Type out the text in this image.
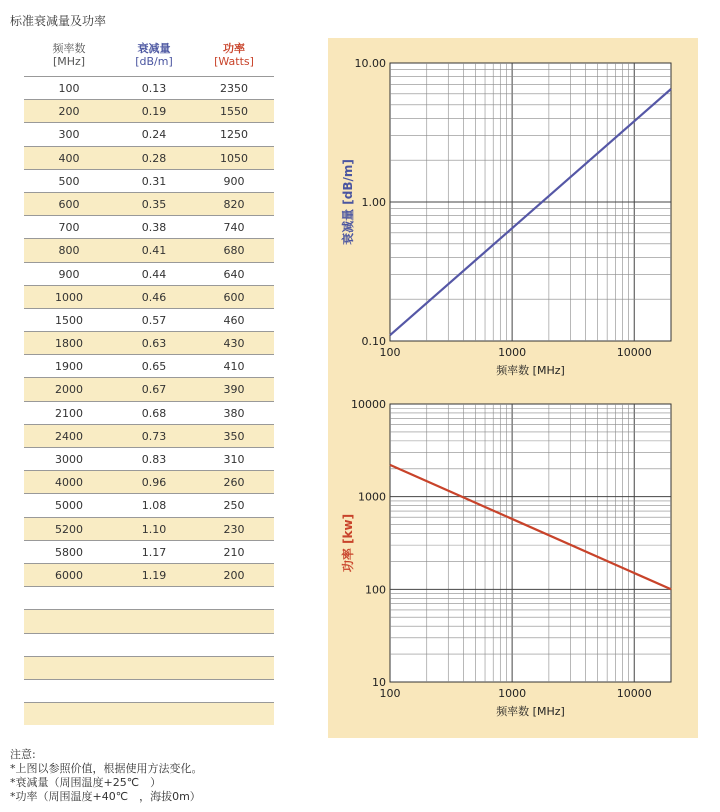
标准衰减量及功率
频率数
[MHz]
衰减量
[dB/m]
功率
[Watts]
100	0.13	2350
200	0.19	1550
300	0.24	1250
400	0.28	1050
500	0.31	900
600	0.35	820
700	0.38	740
800	0.41	680
900	0.44	640
1000	0.46	600
1500	0.57	460
1800	0.63	430
1900	0.65	410
2000	0.67	390
2100	0.68	380
2400	0.73	350
3000	0.83	310
4000	0.96	260
5000	1.08	250
5200	1.10	230
5800	1.17	210
6000	1.19	200
100	1000	10000
0.10
1.00
10.00
频率数 [MHz]
衰减量 [dB/m]
100	1000	10000
10
100
1000
10000
频率数 [MHz]
功率 [kw]
注意:
*上图以参照价值，根据使用方法变化。
*衰减量（周围温度+25℃　）
*功率（周围温度+40℃　，海拔0m）
